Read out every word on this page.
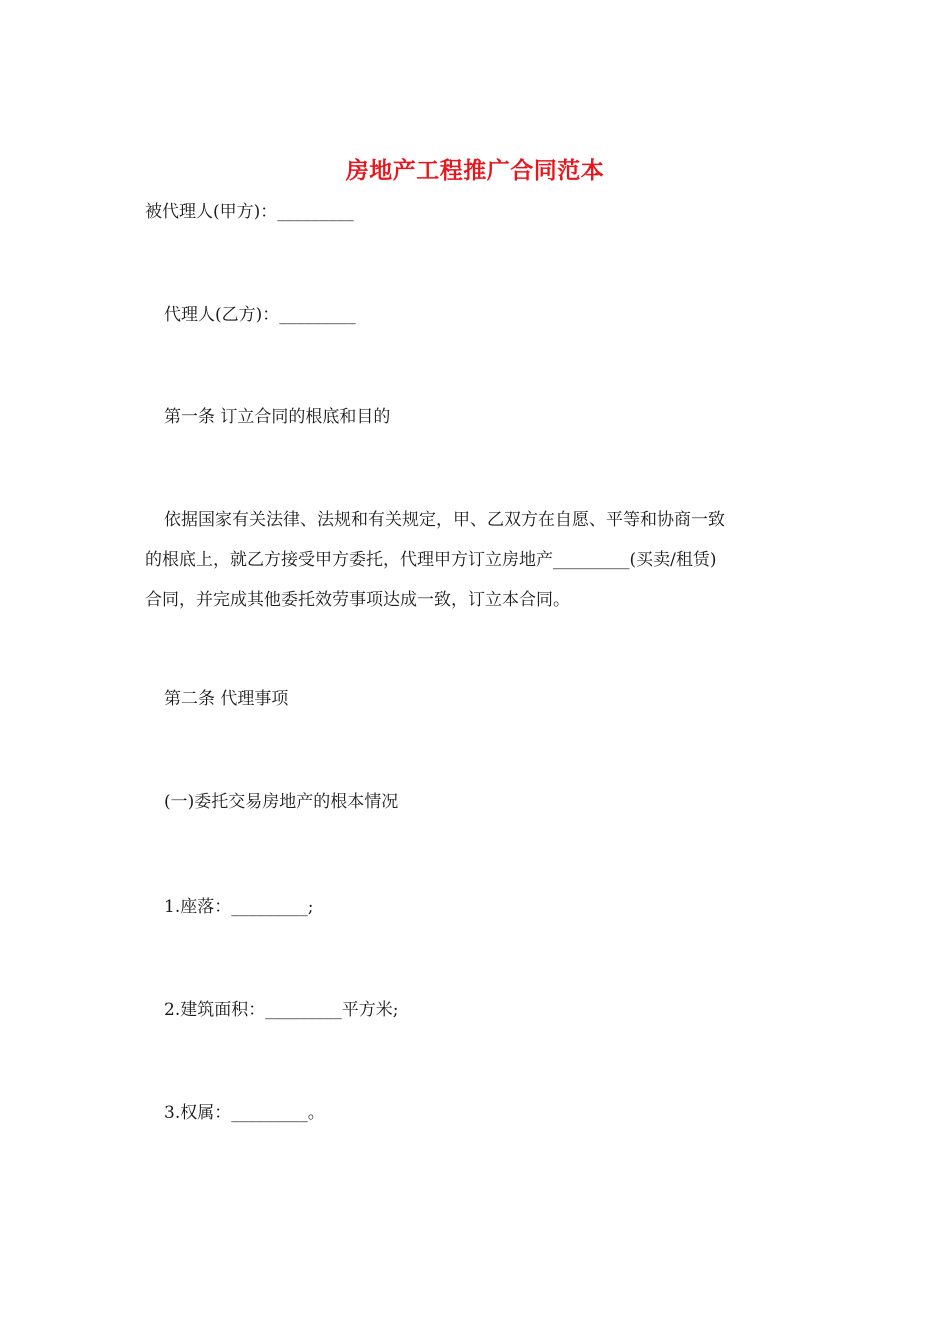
房地产工程推广合同范本
被代理人(甲方)：_________
代理人(乙方)：_________
第一条 订立合同的根底和目的
依据国家有关法律、法规和有关规定，甲、乙双方在自愿、平等和协商一致
的根底上，就乙方接受甲方委托，代理甲方订立房地产_________(买卖/租赁)
合同，并完成其他委托效劳事项达成一致，订立本合同。
第二条 代理事项
(一)委托交易房地产的根本情况
1.座落：_________;
2.建筑面积：_________平方米;
3.权属：_________。
